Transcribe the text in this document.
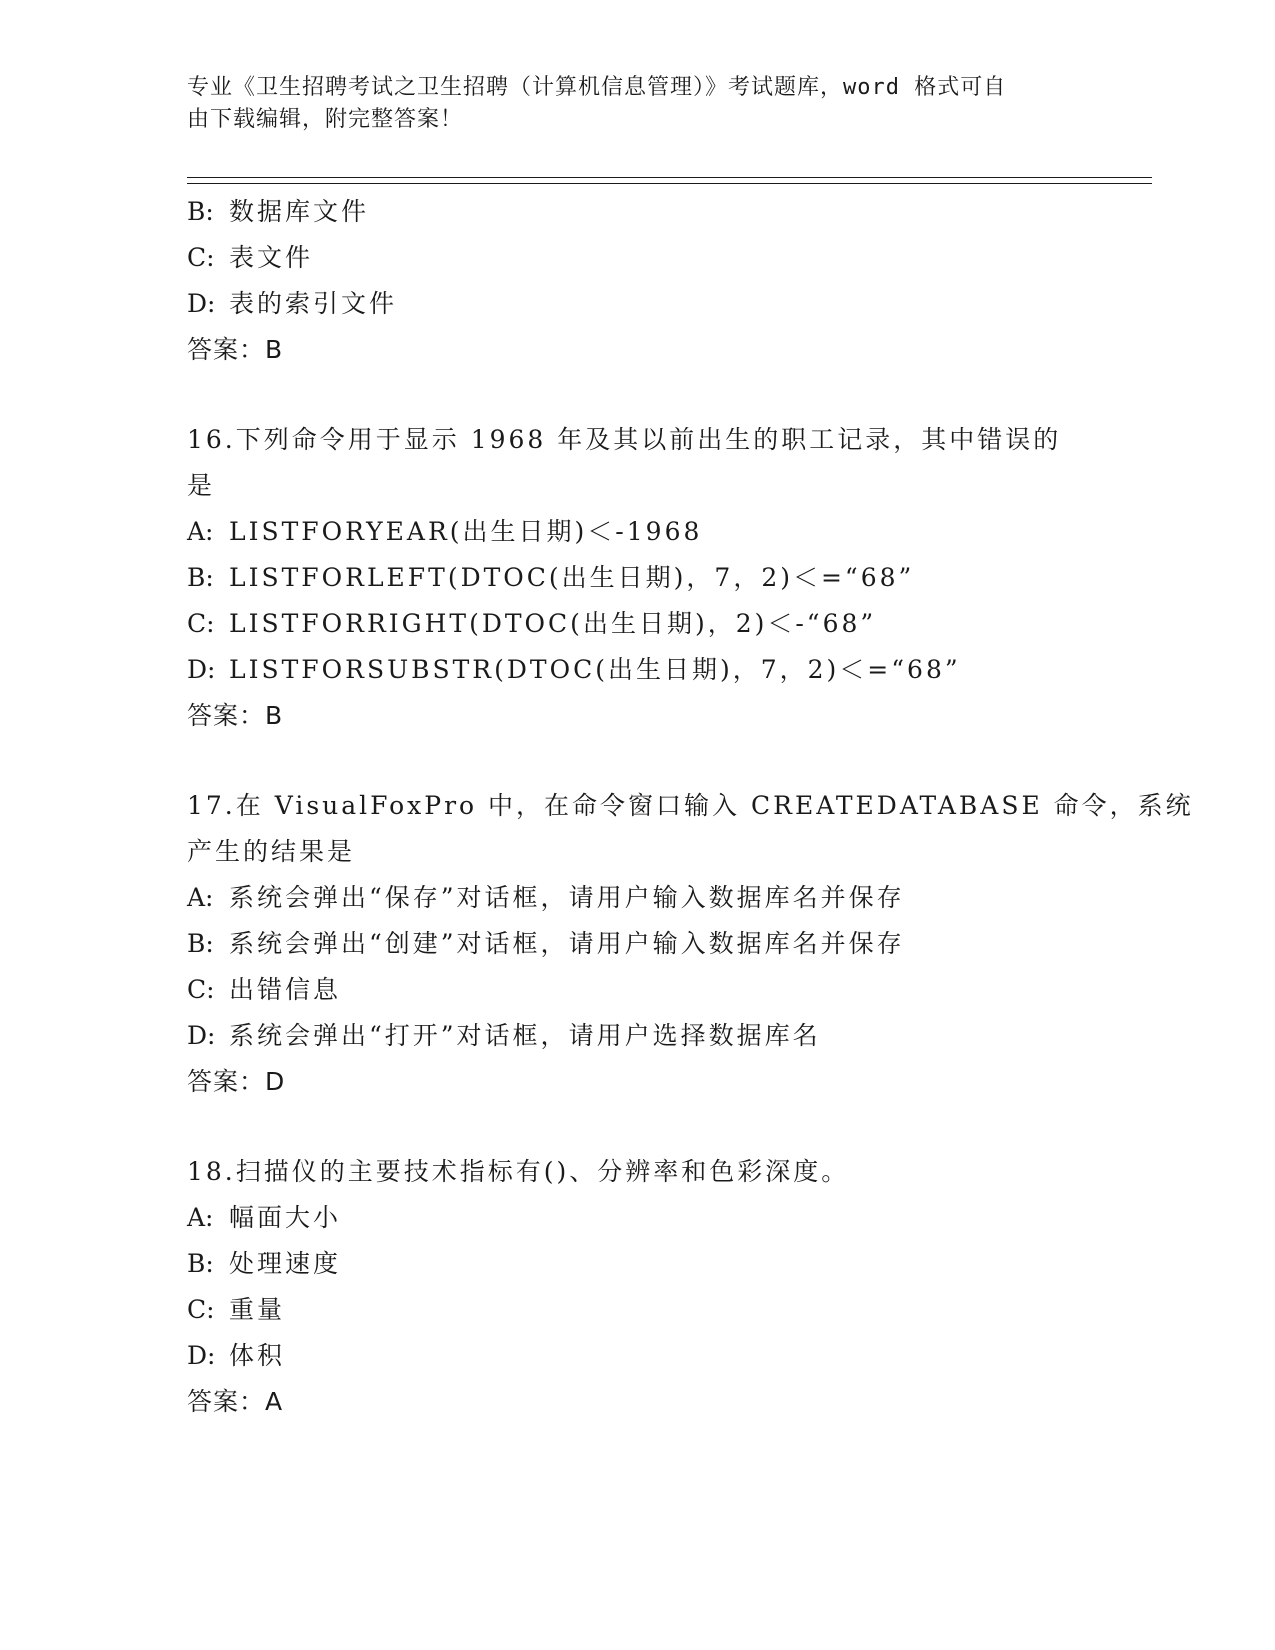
专业《卫生招聘考试之卫生招聘（计算机信息管理）》考试题库，word 格式可自
由下载编辑，附完整答案！
B: 数据库文件
C: 表文件
D: 表的索引文件
答案：B
16.下列命令用于显示 1968 年及其以前出生的职工记录，其中错误的
是
A: LISTFORYEAR(出生日期)＜-1968
B: LISTFORLEFT(DTOC(出生日期)，7，2)＜=“68”
C: LISTFORRIGHT(DTOC(出生日期)，2)＜-“68”
D: LISTFORSUBSTR(DTOC(出生日期)，7，2)＜=“68”
答案：B
17.在 VisualFoxPro 中，在命令窗口输入 CREATEDATABASE 命令，系统
产生的结果是
A: 系统会弹出“保存”对话框，请用户输入数据库名并保存
B: 系统会弹出“创建”对话框，请用户输入数据库名并保存
C: 出错信息
D: 系统会弹出“打开”对话框，请用户选择数据库名
答案：D
18.扫描仪的主要技术指标有()、分辨率和色彩深度。
A: 幅面大小
B: 处理速度
C: 重量
D: 体积
答案：A
